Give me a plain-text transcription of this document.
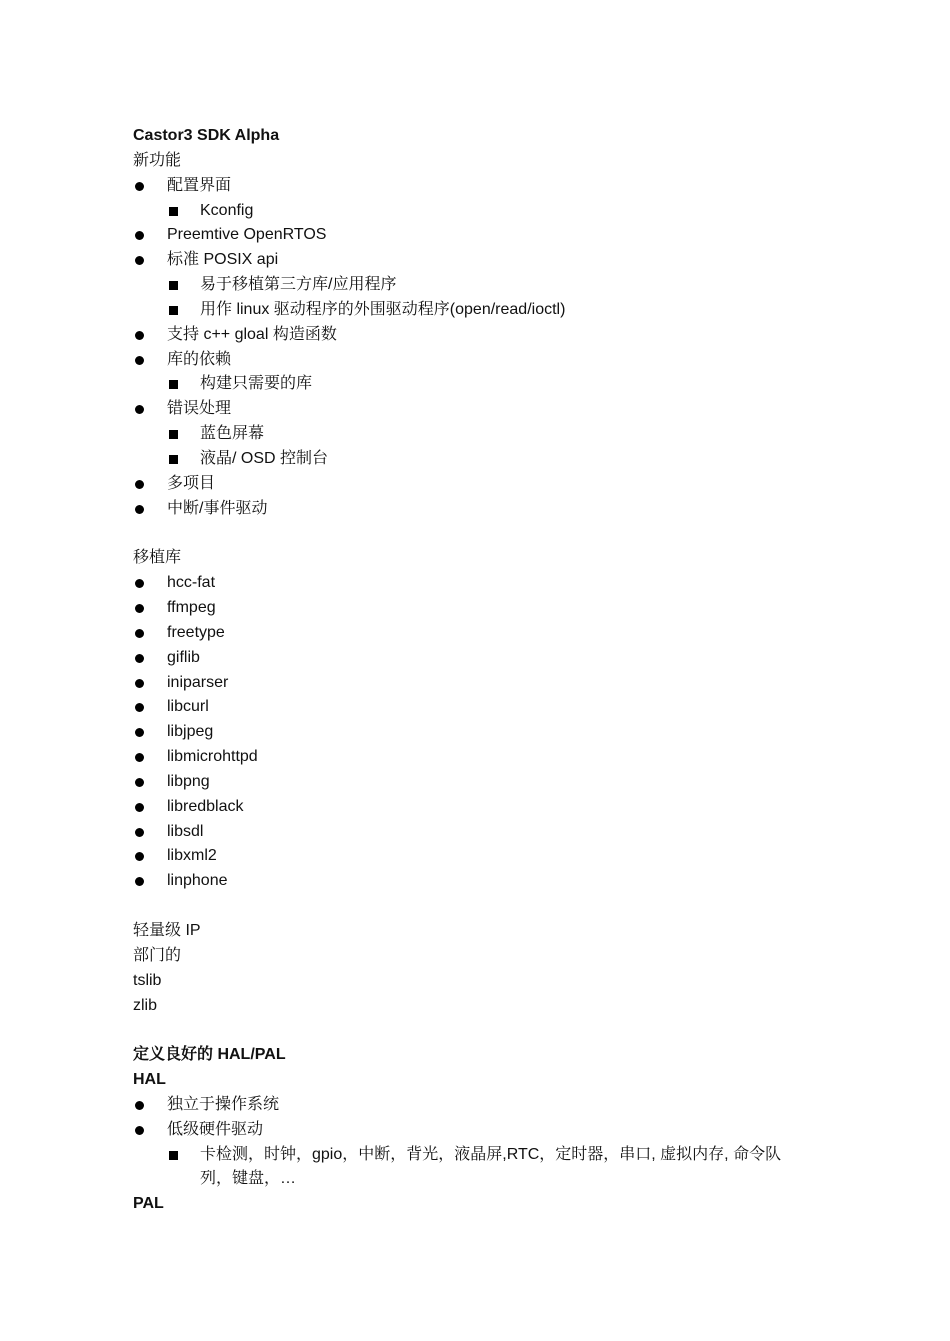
Castor3 SDK Alpha
新功能
配置界面
Kconfig
Preemtive OpenRTOS
标准 POSIX api
易于移植第三方库/应用程序
用作 linux 驱动程序的外围驱动程序(open/read/ioctl)
支持 c++ gloal 构造函数
库的依赖
构建只需要的库
错误处理
蓝色屏幕
液晶/ OSD 控制台
多项目
中断/事件驱动
移植库
hcc-fat
ffmpeg
freetype
giflib
iniparser
libcurl
libjpeg
libmicrohttpd
libpng
libredblack
libsdl
libxml2
linphone
轻量级 IP
部门的
tslib
zlib
定义良好的 HAL/PAL
HAL
独立于操作系统
低级硬件驱动
卡检测，时钟，gpio，中断，背光，液晶屏,RTC，定时器，串口, 虚拟内存, 命令队列，键盘，…
PAL
